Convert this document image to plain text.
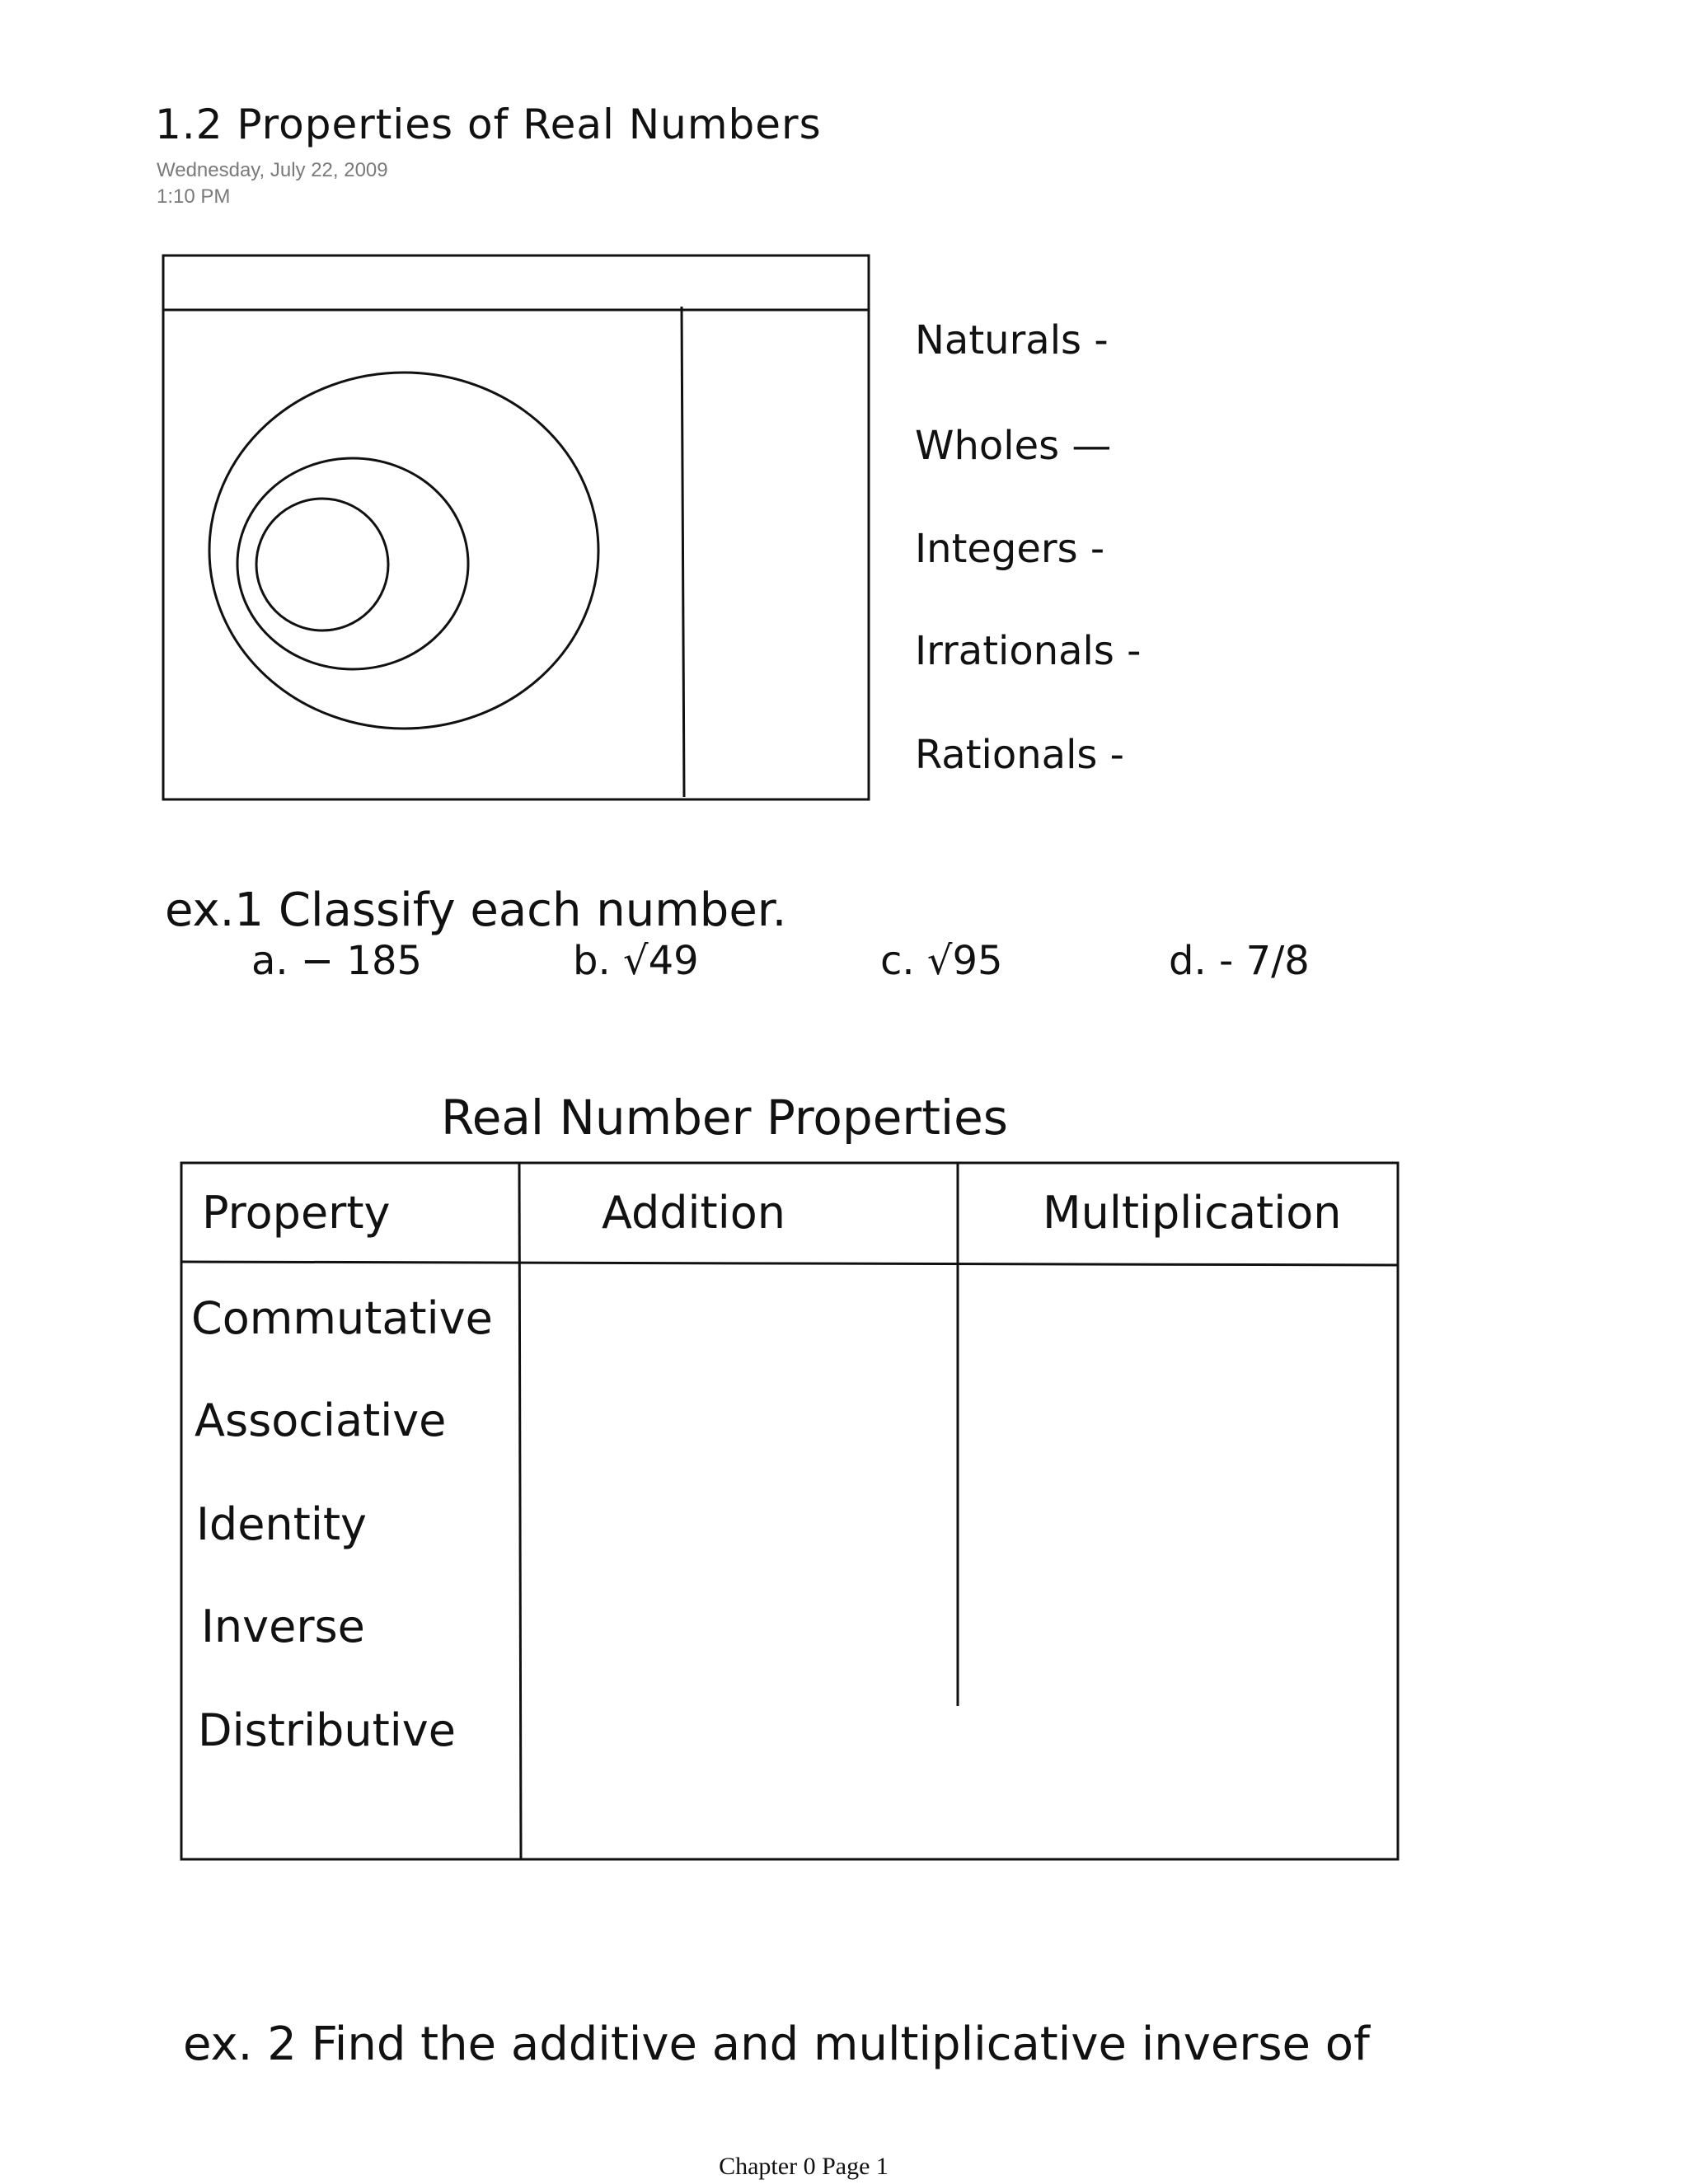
1.2 Properties of Real Numbers
Wednesday, July 22, 2009
1:10 PM
Naturals -
Wholes —
Integers -
Irrationals -
Rationals -
ex.1 Classify each number.
a. − 185	b. √49	c. √95	d. - 7/8
Real Number Properties
Property	Addition	Multiplication
Commutative
Associative
Identity
Inverse
Distributive
ex. 2 Find the additive and multiplicative inverse of
Chapter 0 Page 1
